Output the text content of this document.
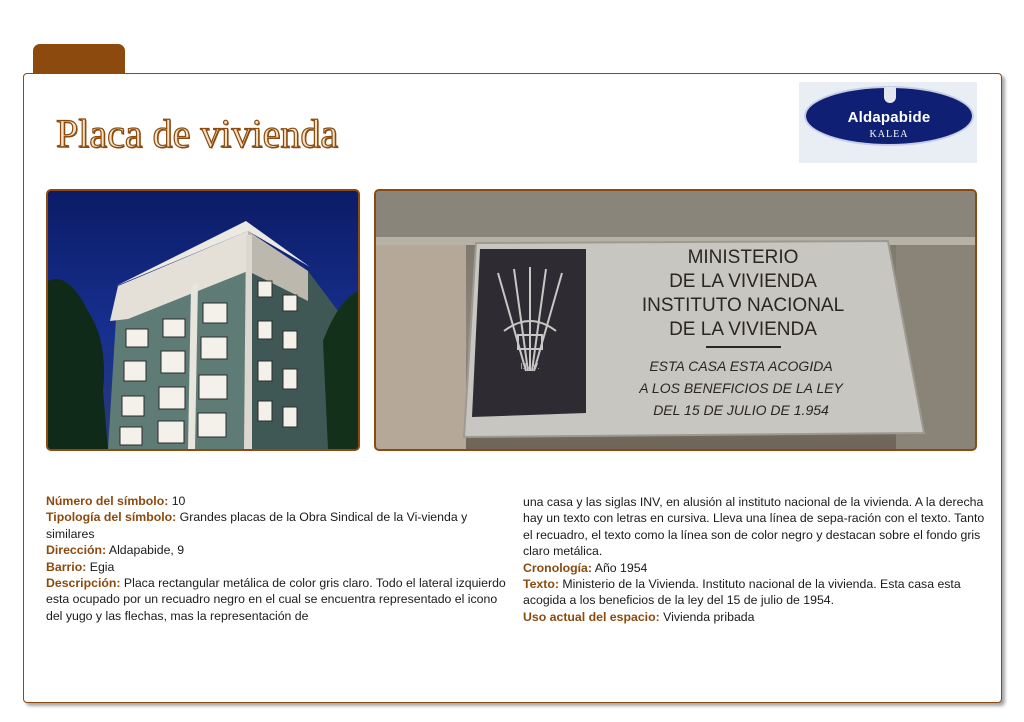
Placa de vivienda	Aldapabide
KALEA
I.N.V.
MINISTERIO
DE LA VIVIENDA
INSTITUTO NACIONAL
DE LA VIVIENDA
ESTA CASA ESTA ACOGIDA
A LOS BENEFICIOS DE LA LEY
DEL 15 DE JULIO DE 1.954

Número del símbolo: 10

Tipología del símbolo: Grandes placas de la Obra Sindical de la Vi-vienda y similares

Dirección: Aldapabide, 9

Barrio: Egia

Descripción: Placa rectangular metálica de color gris claro. Todo el lateral izquierdo esta ocupado por un recuadro negro en el cual se encuentra representado el icono del yugo y las flechas, mas la representación de

una casa y las siglas INV, en alusión al instituto nacional de la vivienda. A la derecha hay un texto con letras en cursiva. Lleva una línea de sepa-ración con el texto. Tanto el recuadro, el texto como la línea son de color negro y destacan sobre el fondo gris claro metálica.

Cronología: Año 1954

Texto: Ministerio de la Vivienda. Instituto nacional de la vivienda. Esta casa esta acogida a los beneficios de la ley del 15 de julio de 1954.

Uso actual del espacio: Vivienda pribada
